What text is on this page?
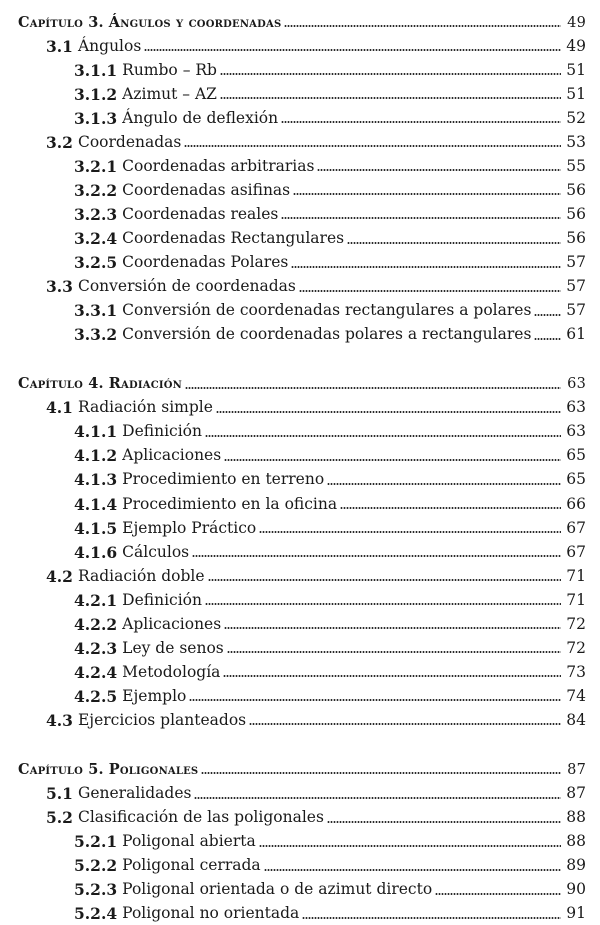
Capítulo 3. Ángulos y coordenadas	49
3.1 Ángulos	49
3.1.1 Rumbo – Rb	51
3.1.2 Azimut – AZ	51
3.1.3 Ángulo de deflexión	52
3.2 Coordenadas	53
3.2.1 Coordenadas arbitrarias	55
3.2.2 Coordenadas asifinas	56
3.2.3 Coordenadas reales	56
3.2.4 Coordenadas Rectangulares	56
3.2.5 Coordenadas Polares	57
3.3 Conversión de coordenadas	57
3.3.1 Conversión de coordenadas rectangulares a polares 57
3.3.2 Conversión de coordenadas polares a rectangulares 61
Capítulo 4. Radiación	63
4.1 Radiación simple	63
4.1.1 Definición	63
4.1.2 Aplicaciones	65
4.1.3 Procedimiento en terreno	65
4.1.4 Procedimiento en la oficina	66
4.1.5 Ejemplo Práctico	67
4.1.6 Cálculos	67
4.2 Radiación doble	71
4.2.1 Definición	71
4.2.2 Aplicaciones	72
4.2.3 Ley de senos	72
4.2.4 Metodología	73
4.2.5 Ejemplo	74
4.3 Ejercicios planteados	84
Capítulo 5. Poligonales	87
5.1 Generalidades	87
5.2 Clasificación de las poligonales	88
5.2.1 Poligonal abierta	88
5.2.2 Poligonal cerrada	89
5.2.3 Poligonal orientada o de azimut directo	90
5.2.4 Poligonal no orientada	91
